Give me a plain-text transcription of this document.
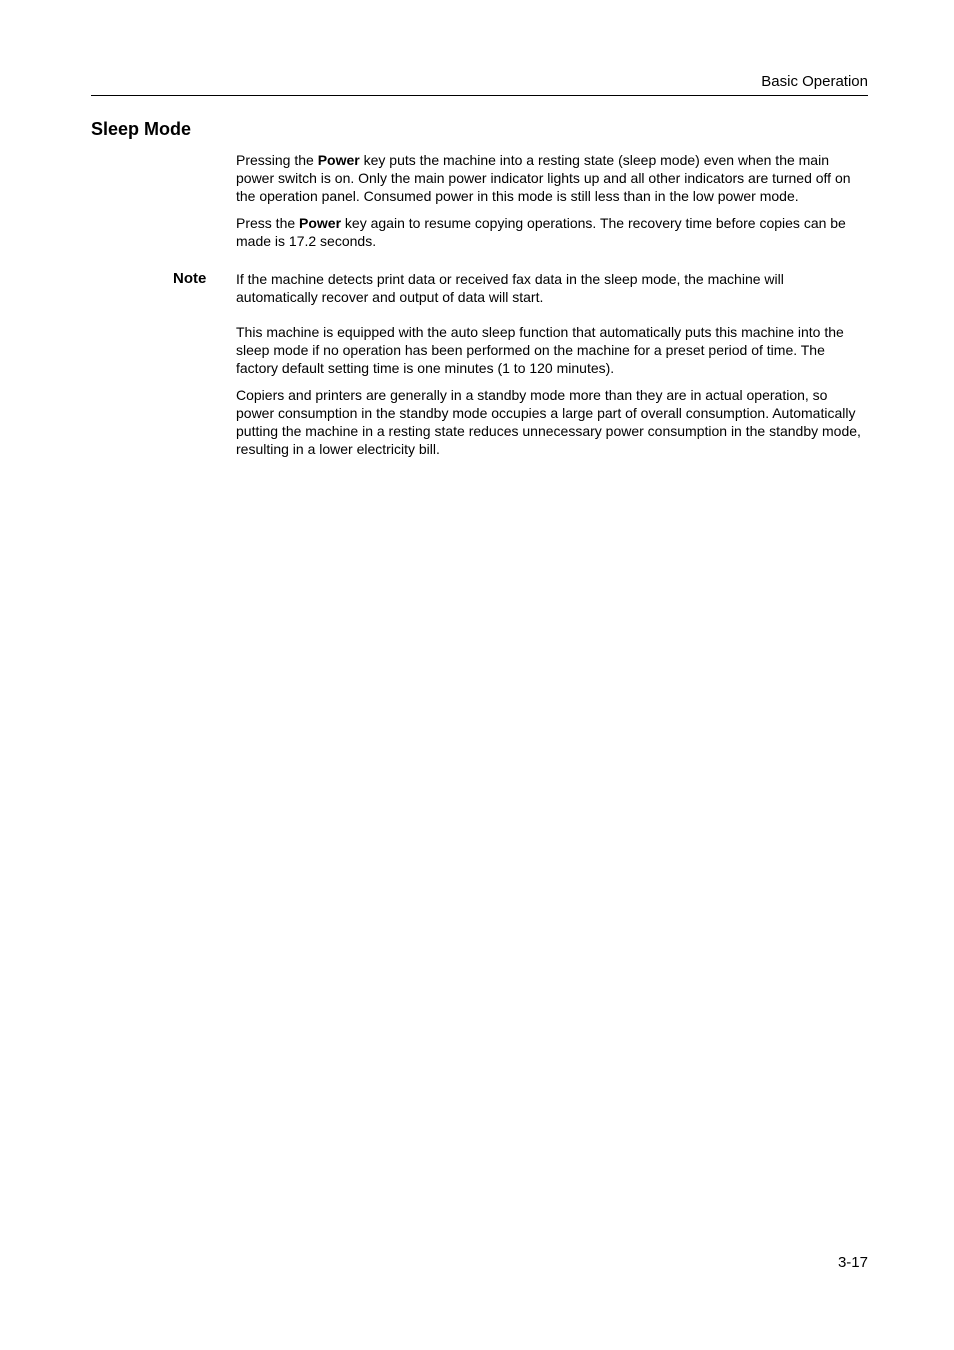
Basic Operation
Sleep Mode

Pressing the Power key puts the machine into a resting state (sleep mode) even when the main power switch is on. Only the main power indicator lights up and all other indicators are turned off on the operation panel. Consumed power in this mode is still less than in the low power mode.

Press the Power key again to resume copying operations. The recovery time before copies can be made is 17.2 seconds.

Note If the machine detects print data or received fax data in the sleep mode, the machine will automatically recover and output of data will start.

This machine is equipped with the auto sleep function that automatically puts this machine into the sleep mode if no operation has been performed on the machine for a preset period of time. The factory default setting time is one minutes (1 to 120 minutes).

Copiers and printers are generally in a standby mode more than they are in actual operation, so power consumption in the standby mode occupies a large part of overall consumption. Automatically putting the machine in a resting state reduces unnecessary power consumption in the standby mode, resulting in a lower electricity bill.

3-17
